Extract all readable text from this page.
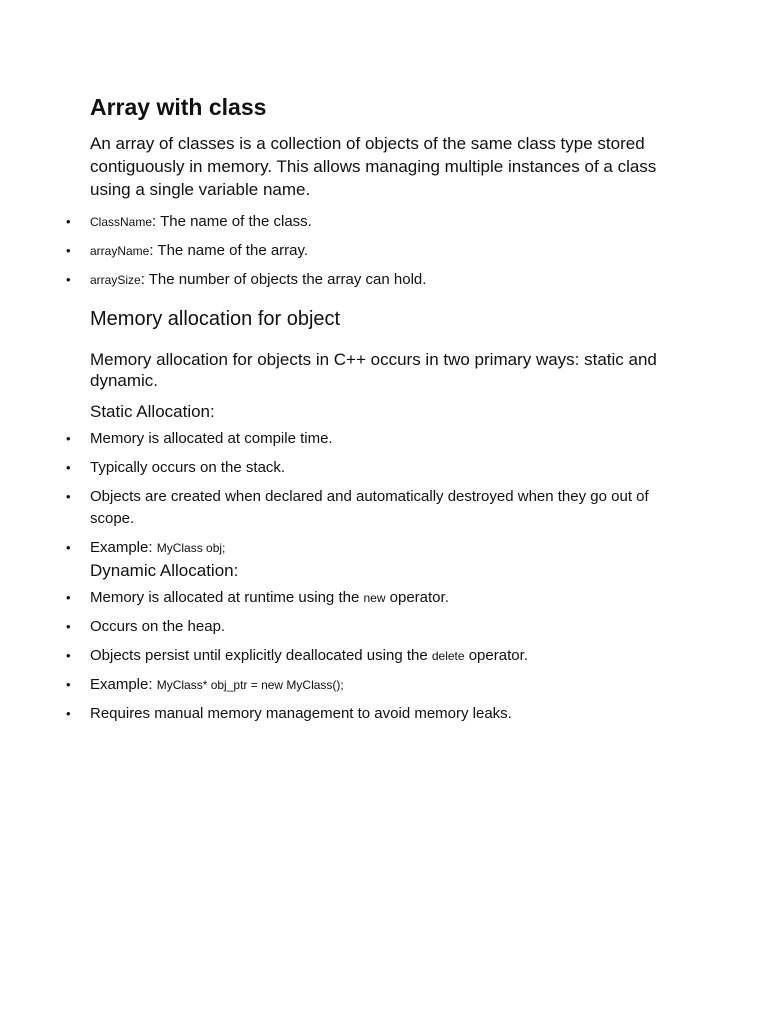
Array with class

An array of classes is a collection of objects of the same class type stored contiguously in memory. This allows managing multiple instances of a class using a single variable name.

•	ClassName: The name of the class.
•	arrayName: The name of the array.
•	arraySize: The number of objects the array can hold.
Memory allocation for object

Memory allocation for objects in C++ occurs in two primary ways: static and dynamic.

Static Allocation:
•	Memory is allocated at compile time.
•	Typically occurs on the stack.
•	Objects are created when declared and automatically destroyed when they go out of scope.
•	Example: MyClass obj;
Dynamic Allocation:
•	Memory is allocated at runtime using the new operator.
•	Occurs on the heap.
•	Objects persist until explicitly deallocated using the delete operator.
•	Example: MyClass* obj_ptr = new MyClass();
•	Requires manual memory management to avoid memory leaks.
